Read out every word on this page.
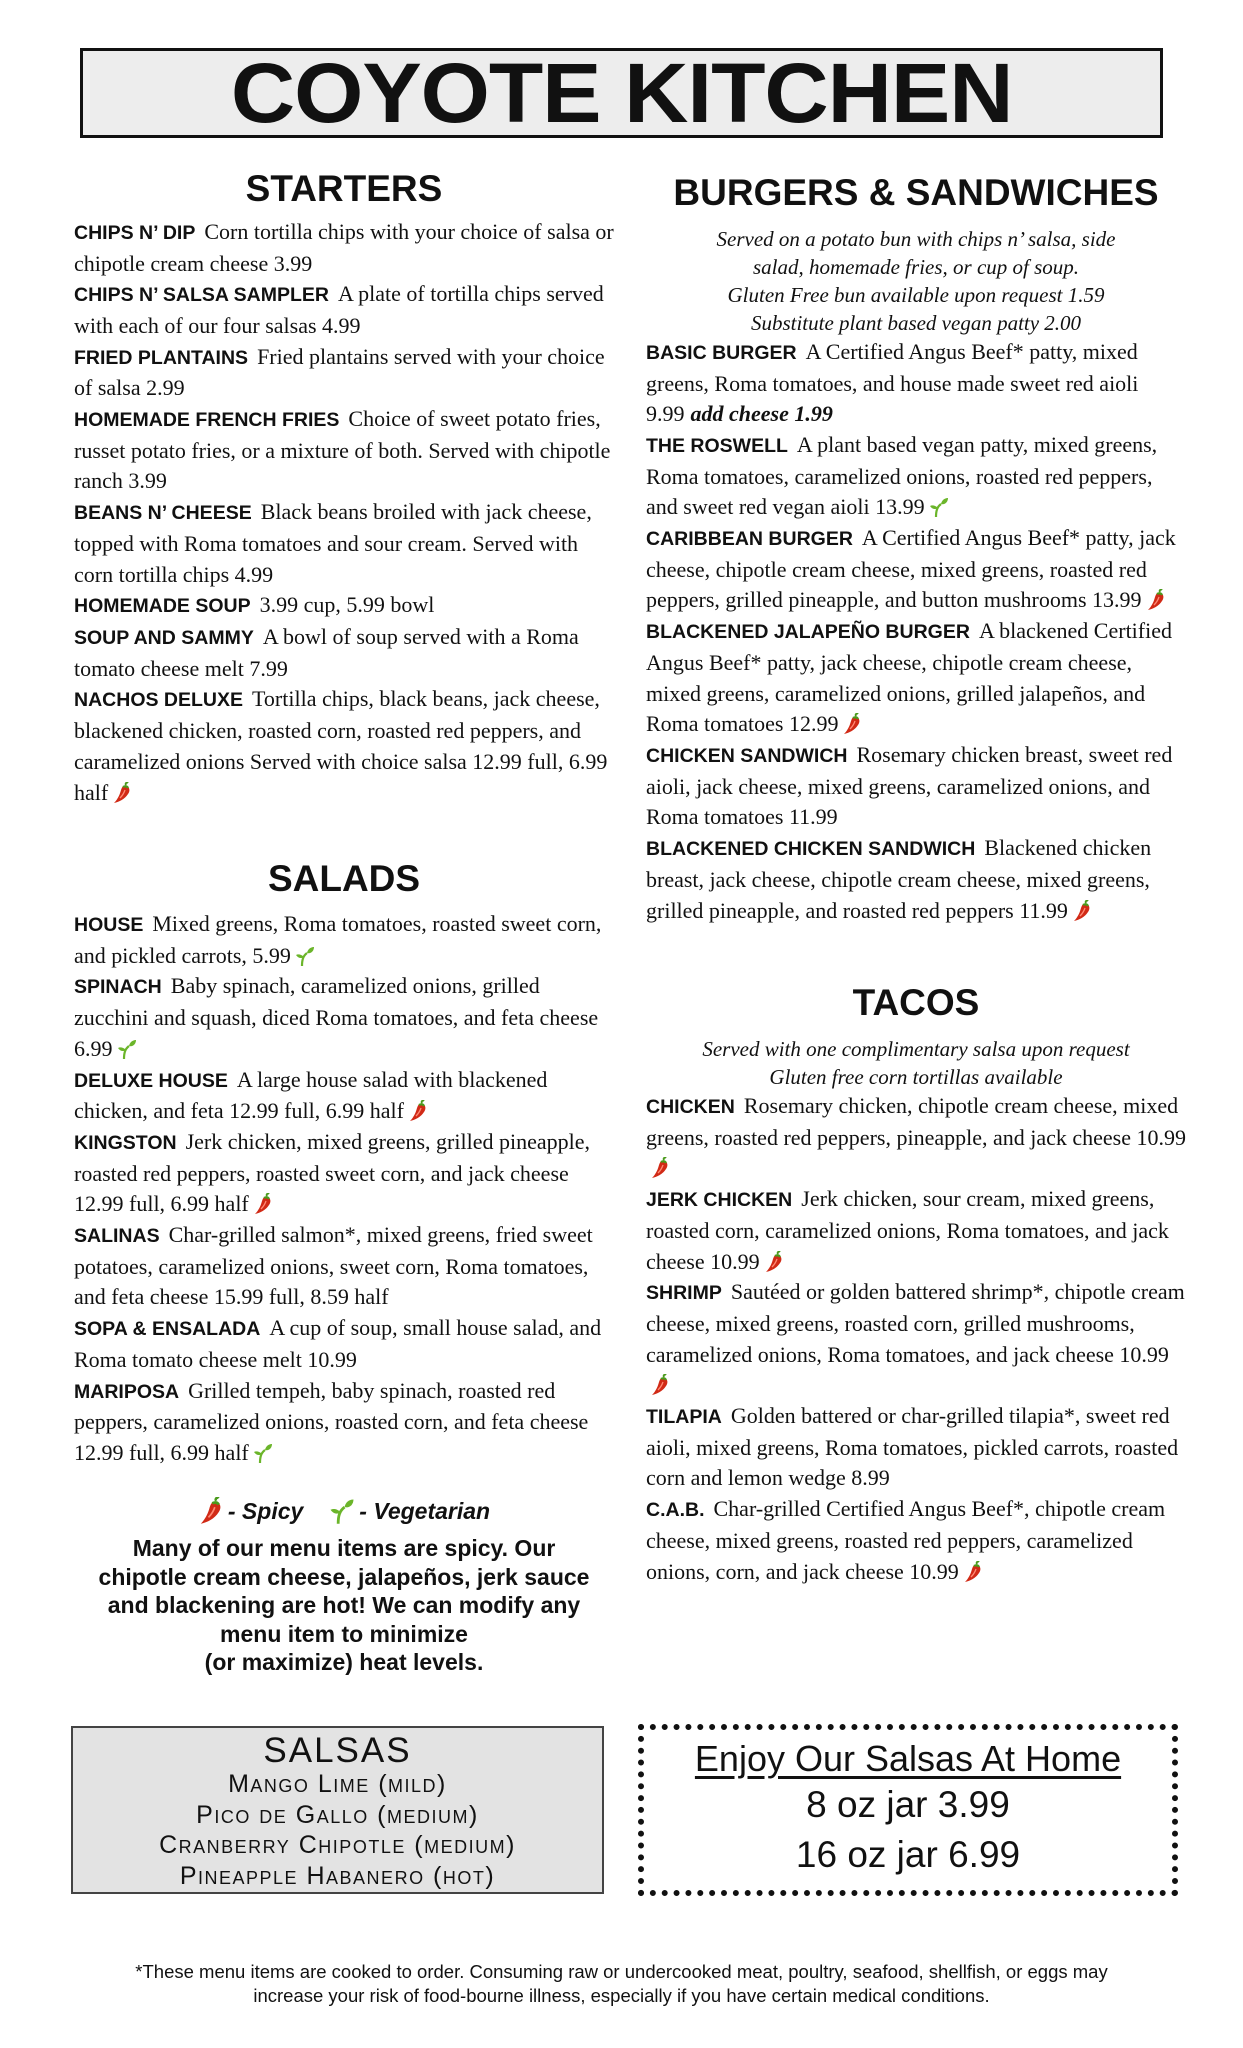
COYOTE KITCHEN
STARTERS

CHIPS N’ DIP Corn tortilla chips with your choice of salsa or chipotle cream cheese 3.99

CHIPS N’ SALSA SAMPLER A plate of tortilla chips served with each of our four salsas 4.99

FRIED PLANTAINS Fried plantains served with your choice of salsa 2.99

HOMEMADE FRENCH FRIES Choice of sweet potato fries, russet potato fries, or a mixture of both. Served with chipotle ranch 3.99

BEANS N’ CHEESE Black beans broiled with jack cheese, topped with Roma tomatoes and sour cream. Served with corn tortilla chips 4.99

HOMEMADE SOUP 3.99 cup, 5.99 bowl

SOUP AND SAMMY A bowl of soup served with a Roma tomato cheese melt 7.99

NACHOS DELUXE Tortilla chips, black beans, jack cheese, blackened chicken, roasted corn, roasted red peppers, and caramelized onions Served with choice salsa 12.99 full, 6.99 half

SALADS

HOUSE Mixed greens, Roma tomatoes, roasted sweet corn, and pickled carrots, 5.99

SPINACH Baby spinach, caramelized onions, grilled zucchini and squash, diced Roma tomatoes, and feta cheese 6.99

DELUXE HOUSE A large house salad with blackened chicken, and feta 12.99 full, 6.99 half

KINGSTON Jerk chicken, mixed greens, grilled pineapple, roasted red peppers, roasted sweet corn, and jack cheese 12.99 full, 6.99 half

SALINAS Char-grilled salmon*, mixed greens, fried sweet potatoes, caramelized onions, sweet corn, Roma tomatoes, and feta cheese 15.99 full, 8.59 half

SOPA & ENSALADA A cup of soup, small house salad, and Roma tomato cheese melt 10.99

MARIPOSA Grilled tempeh, baby spinach, roasted red peppers, caramelized onions, roasted corn, and feta cheese 12.99 full, 6.99 half

BURGERS & SANDWICHES
Served on a potato bun with chips n’ salsa, side
salad, homemade fries, or cup of soup.
Gluten Free bun available upon request 1.59
Substitute plant based vegan patty 2.00

BASIC BURGER A Certified Angus Beef* patty, mixed greens, Roma tomatoes, and house made sweet red aioli 9.99 add cheese 1.99

THE ROSWELL A plant based vegan patty, mixed greens, Roma tomatoes, caramelized onions, roasted red peppers, and sweet red vegan aioli 13.99

CARIBBEAN BURGER A Certified Angus Beef* patty, jack cheese, chipotle cream cheese, mixed greens, roasted red peppers, grilled pineapple, and button mushrooms 13.99

BLACKENED JALAPEÑO BURGER A blackened Certified Angus Beef* patty, jack cheese, chipotle cream cheese, mixed greens, caramelized onions, grilled jalapeños, and Roma tomatoes 12.99

CHICKEN SANDWICH Rosemary chicken breast, sweet red aioli, jack cheese, mixed greens, caramelized onions, and Roma tomatoes 11.99

BLACKENED CHICKEN SANDWICH Blackened chicken breast, jack cheese, chipotle cream cheese, mixed greens, grilled pineapple, and roasted red peppers 11.99

TACOS
Served with one complimentary salsa upon request
Gluten free corn tortillas available

CHICKEN Rosemary chicken, chipotle cream cheese, mixed greens, roasted red peppers, pineapple, and jack cheese 10.99

JERK CHICKEN Jerk chicken, sour cream, mixed greens, roasted corn, caramelized onions, Roma tomatoes, and jack cheese 10.99

SHRIMP Sautéed or golden battered shrimp*, chipotle cream cheese, mixed greens, roasted corn, grilled mushrooms, caramelized onions, Roma tomatoes, and jack cheese 10.99

TILAPIA Golden battered or char-grilled tilapia*, sweet red aioli, mixed greens, Roma tomatoes, pickled carrots, roasted corn and lemon wedge 8.99

C.A.B. Char-grilled Certified Angus Beef*, chipotle cream cheese, mixed greens, roasted red peppers, caramelized onions, corn, and jack cheese 10.99

- Spicy - Vegetarian
Many of our menu items are spicy. Our
chipotle cream cheese, jalapeños, jerk sauce
and blackening are hot! We can modify any
menu item to minimize
(or maximize) heat levels.
SALSAS
Mango Lime (mild)
Pico de Gallo (medium)
Cranberry Chipotle (medium)
Pineapple Habanero (hot)
Enjoy Our Salsas At Home
8 oz jar 3.99
16 oz jar 6.99
*These menu items are cooked to order. Consuming raw or undercooked meat, poultry, seafood, shellfish, or eggs may
increase your risk of food-bourne illness, especially if you have certain medical conditions.
